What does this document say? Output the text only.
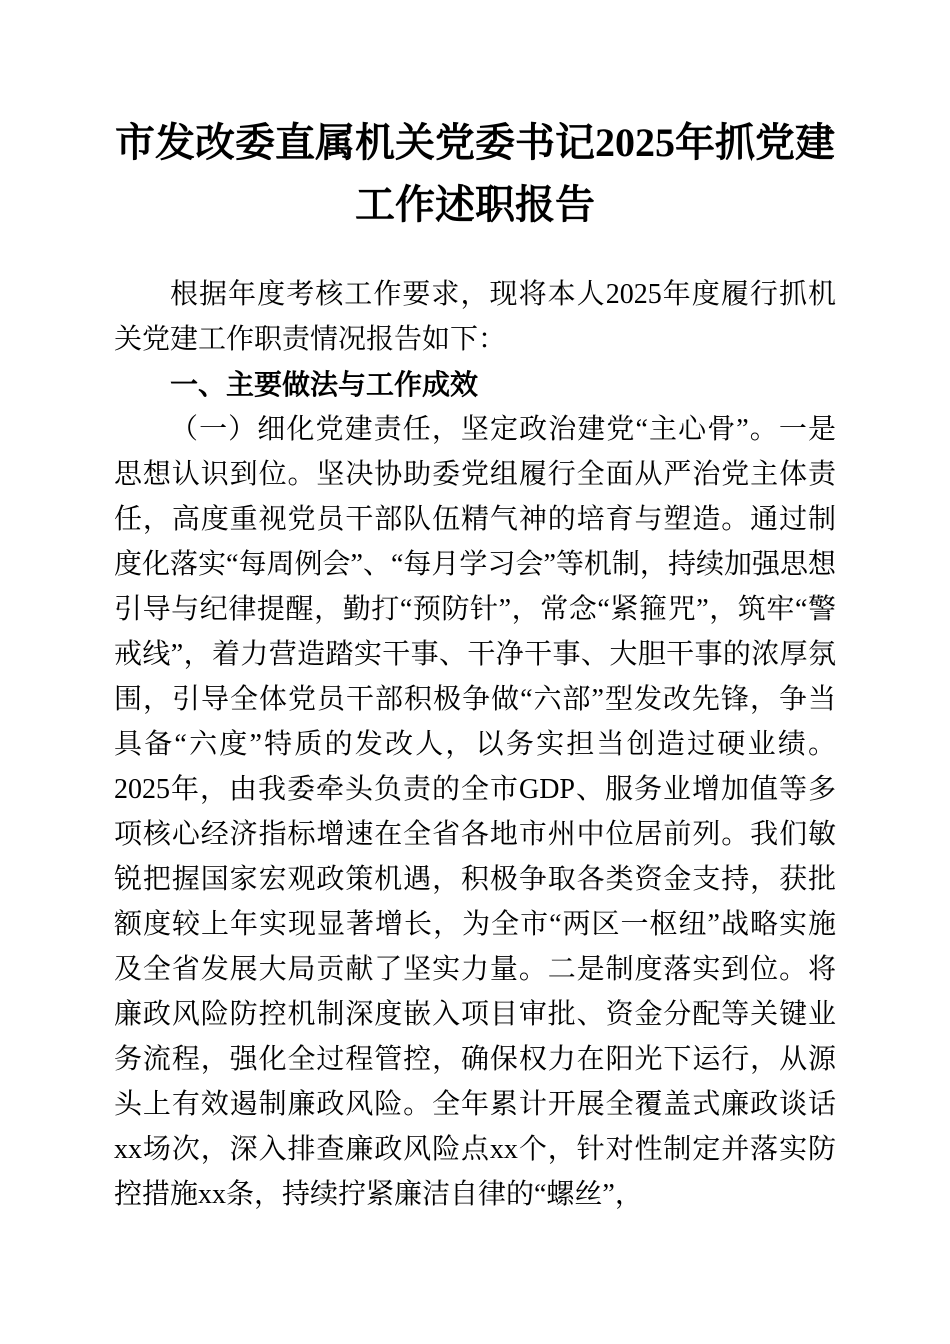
市发改委直属机关党委书记2025年抓党建工作述职报告

根据年度考核工作要求，现将本人2025年度履行抓机关党建工作职责情况报告如下：

一、主要做法与工作成效

（一）细化党建责任，坚定政治建党“主心骨”。一是思想认识到位。坚决协助委党组履行全面从严治党主体责任，高度重视党员干部队伍精气神的培育与塑造。通过制度化落实“每周例会”、“每月学习会”等机制，持续加强思想引导与纪律提醒，勤打“预防针”，常念“紧箍咒”，筑牢“警戒线”，着力营造踏实干事、干净干事、大胆干事的浓厚氛围，引导全体党员干部积极争做“六部”型发改先锋，争当具备“六度”特质的发改人，以务实担当创造过硬业绩。2025年，由我委牵头负责的全市GDP、服务业增加值等多项核心经济指标增速在全省各地市州中位居前列。我们敏锐把握国家宏观政策机遇，积极争取各类资金支持，获批额度较上年实现显著增长，为全市“两区一枢纽”战略实施及全省发展大局贡献了坚实力量。二是制度落实到位。将廉政风险防控机制深度嵌入项目审批、资金分配等关键业务流程，强化全过程管控，确保权力在阳光下运行，从源头上有效遏制廉政风险。全年累计开展全覆盖式廉政谈话xx场次，深入排查廉政风险点xx个，针对性制定并落实防控措施xx条，持续拧紧廉洁自律的“螺丝”，
